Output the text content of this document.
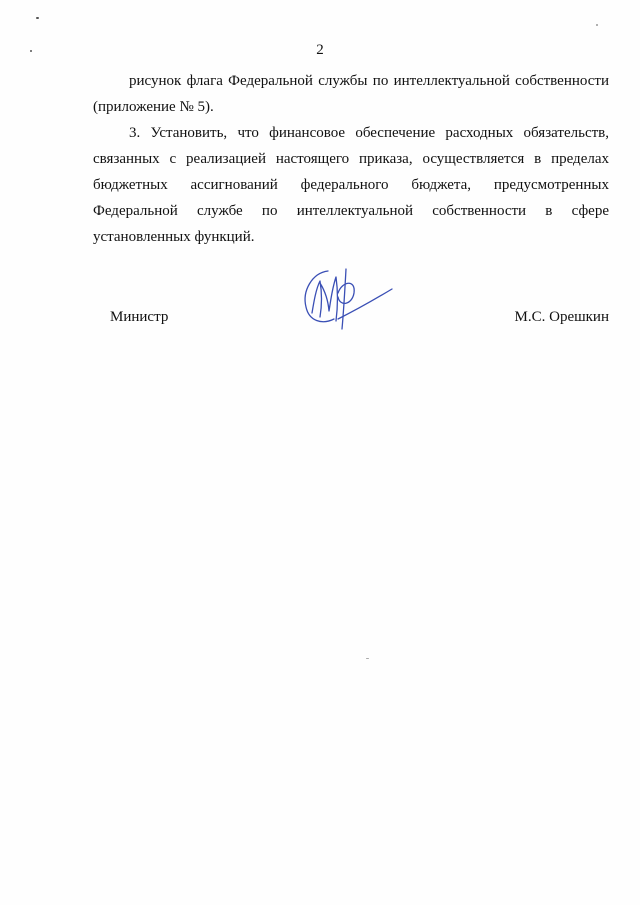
2
рисунок флага Федеральной службы по интеллектуальной собственности
(приложение № 5).
3. Установить, что финансовое обеспечение расходных обязательств,
связанных с реализацией настоящего приказа, осуществляется в пределах
бюджетных ассигнований федерального бюджета, предусмотренных
Федеральной службе по интеллектуальной собственности в сфере
установленных функций.
Министр	М.С. Орешкин
